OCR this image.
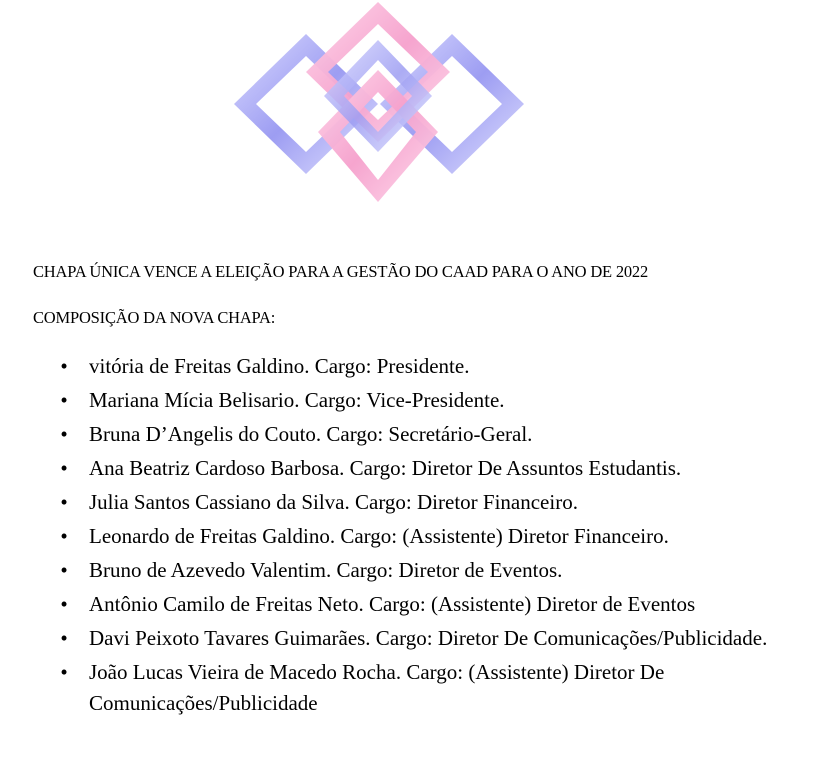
CHAPA ÚNICA VENCE A ELEIÇÃO PARA A GESTÃO DO CAAD PARA O ANO DE 2022
COMPOSIÇÃO DA NOVA CHAPA:
• vitória de Freitas Galdino. Cargo: Presidente.
• Mariana Mícia Belisario. Cargo: Vice-Presidente.
• Bruna D’Angelis do Couto. Cargo: Secretário-Geral.
• Ana Beatriz Cardoso Barbosa. Cargo: Diretor De Assuntos Estudantis.
• Julia Santos Cassiano da Silva. Cargo: Diretor Financeiro.
• Leonardo de Freitas Galdino. Cargo: (Assistente) Diretor Financeiro.
• Bruno de Azevedo Valentim. Cargo: Diretor de Eventos.
• Antônio Camilo de Freitas Neto. Cargo: (Assistente) Diretor de Eventos
• Davi Peixoto Tavares Guimarães. Cargo: Diretor De Comunicações/Publicidade.
• João Lucas Vieira de Macedo Rocha. Cargo: (Assistente) Diretor De Comunicações/Publicidade
